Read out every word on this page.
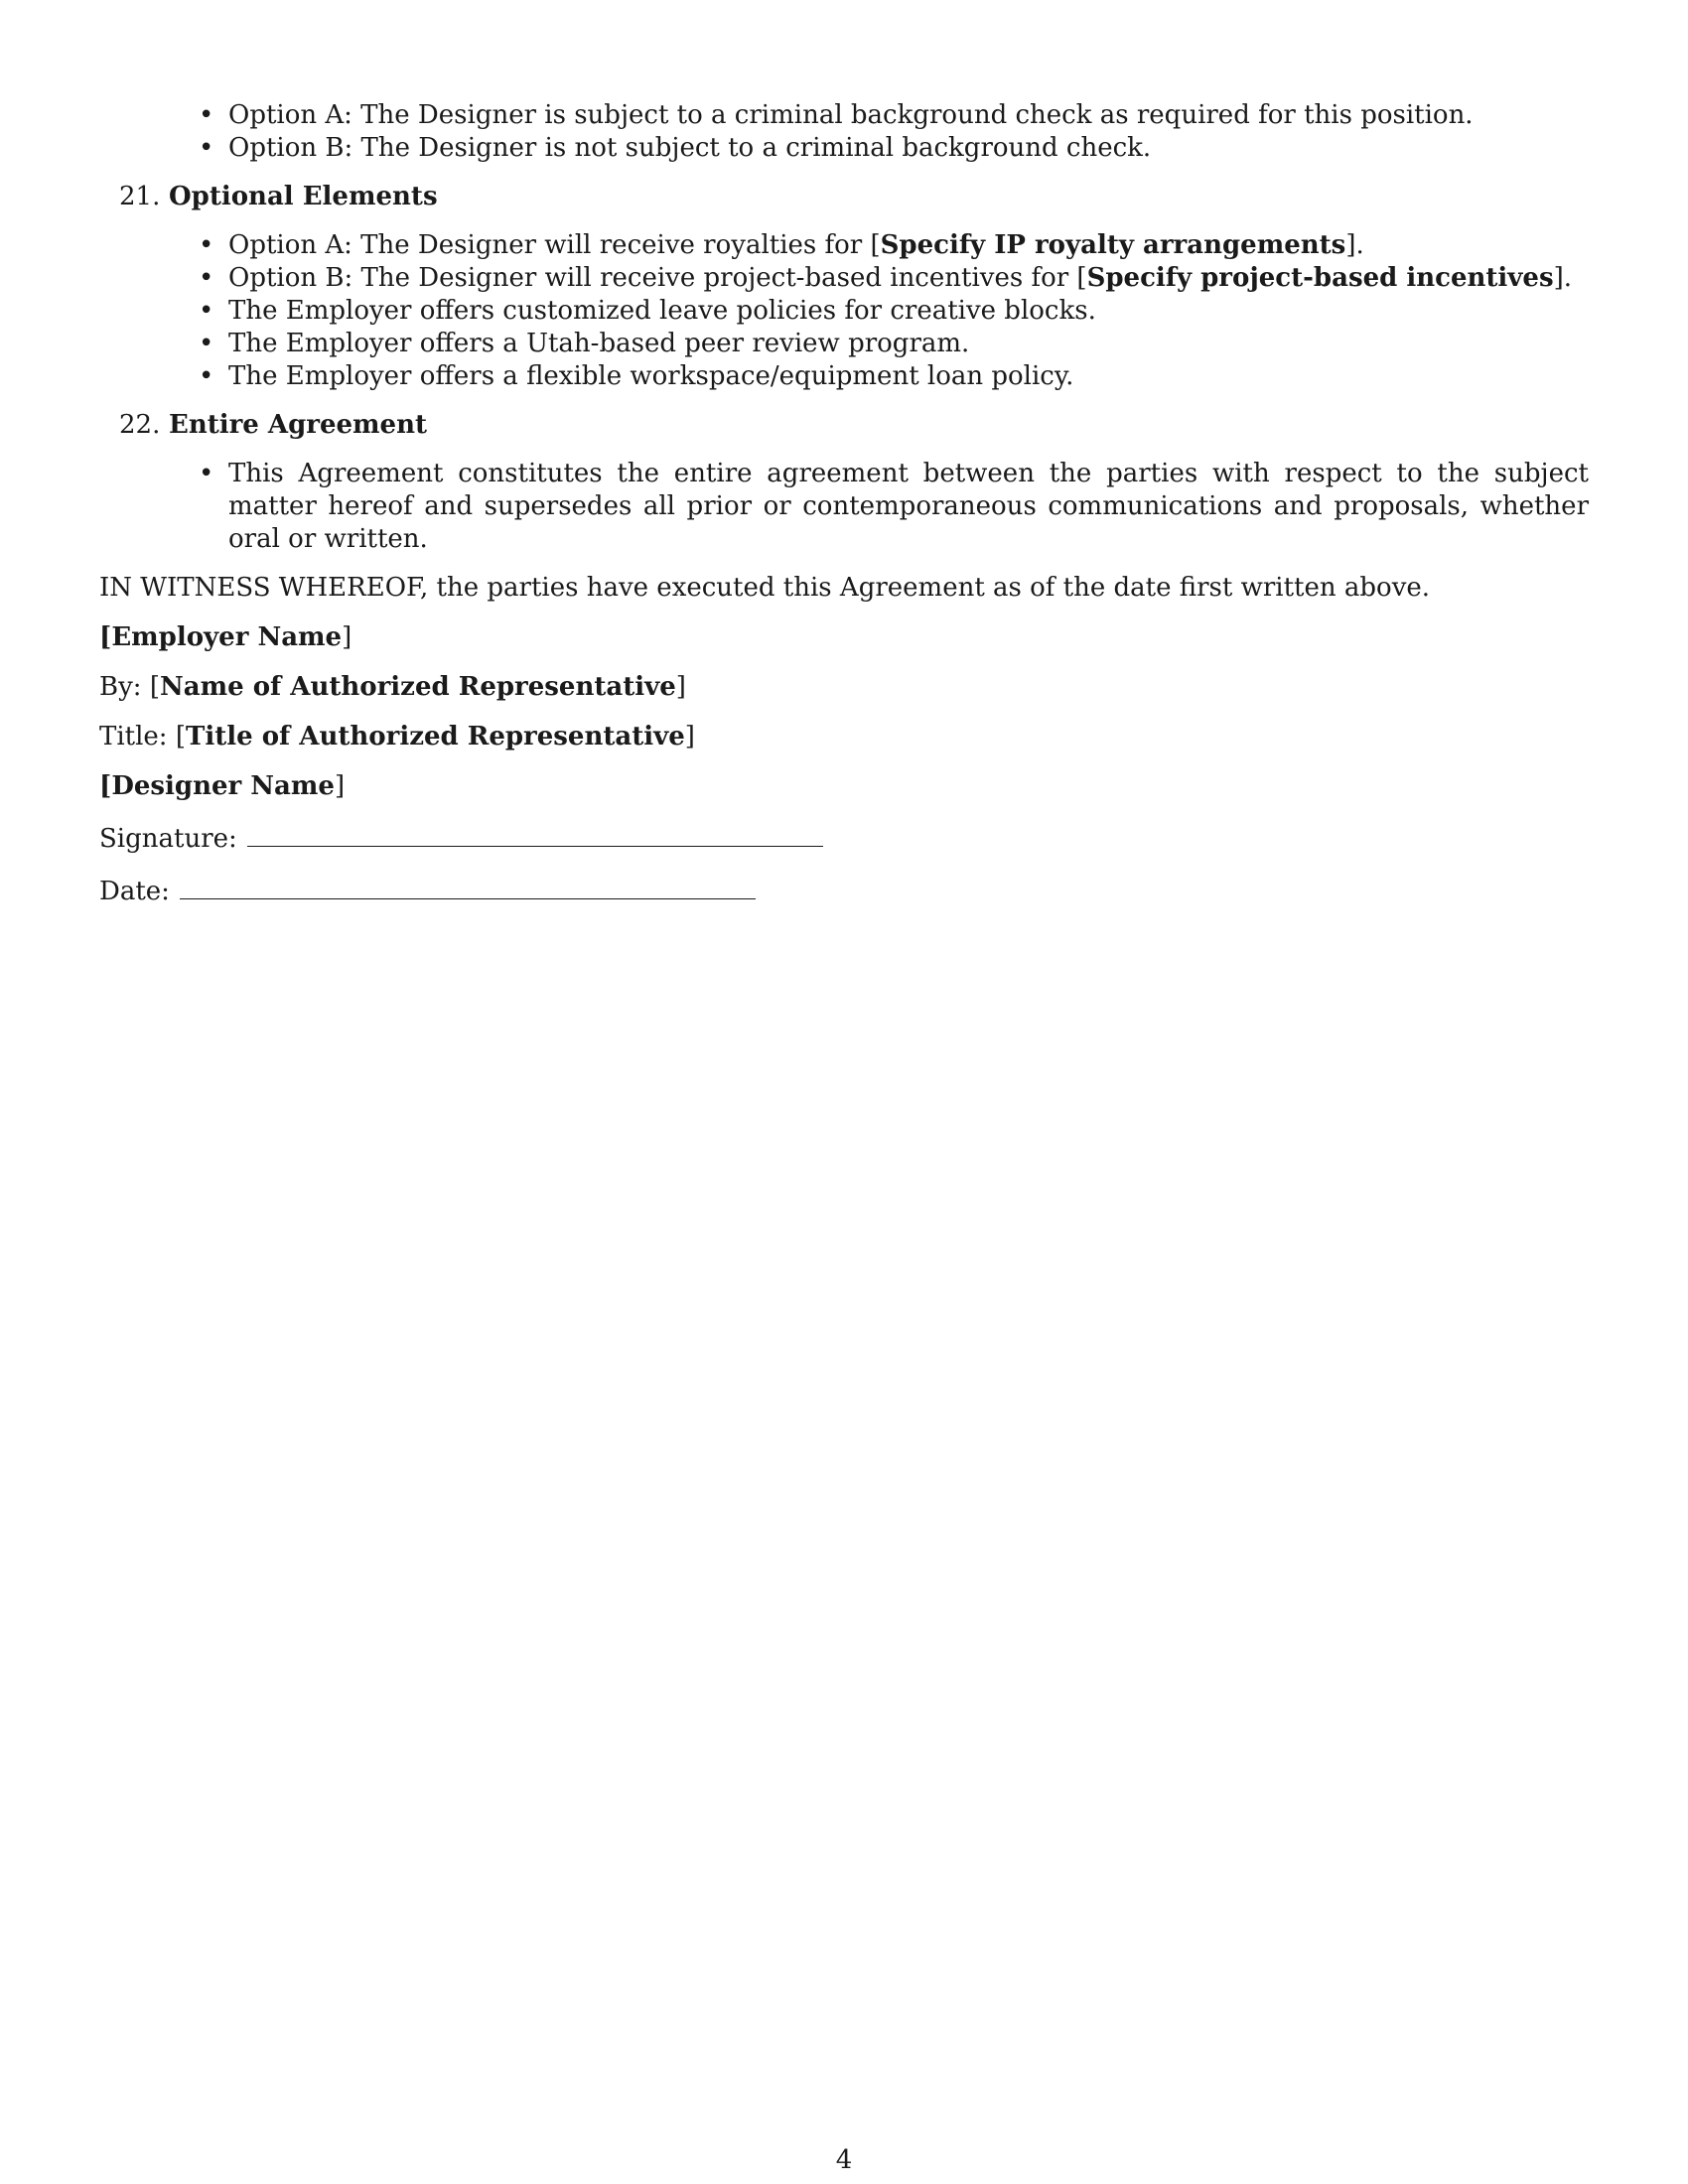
• Option A: The Designer is subject to a criminal background check as required for this position.
• Option B: The Designer is not subject to a criminal background check.
21. Optional Elements
• Option A: The Designer will receive royalties for [Specify IP royalty arrangements].
• Option B: The Designer will receive project-based incentives for [Specify project-based incentives].
• The Employer offers customized leave policies for creative blocks.
• The Employer offers a Utah-based peer review program.
• The Employer offers a flexible workspace/equipment loan policy.
22. Entire Agreement
• This Agreement constitutes the entire agreement between the parties with respect to the subject matter hereof and supersedes all prior or contemporaneous communications and proposals, whether oral or written.
IN WITNESS WHEREOF, the parties have executed this Agreement as of the date first written above.
[Employer Name]
By: [Name of Authorized Representative]
Title: [Title of Authorized Representative]
[Designer Name]
Signature:
Date:
4
